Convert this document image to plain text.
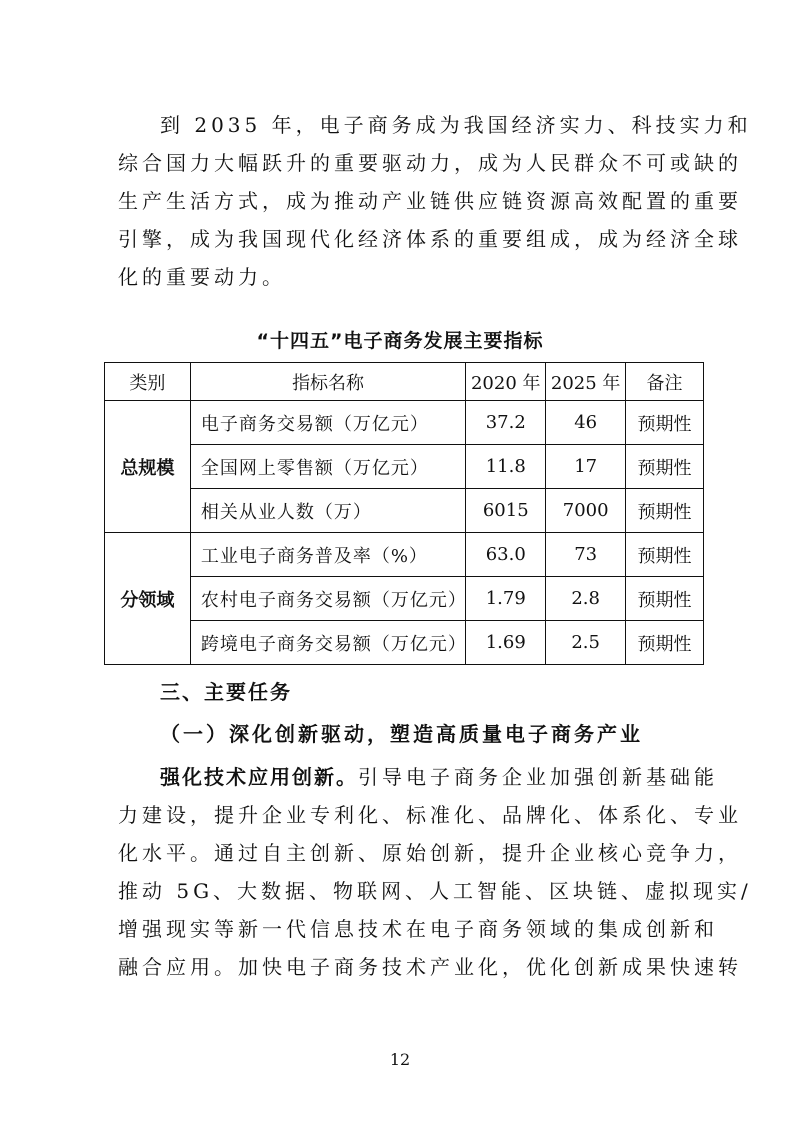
到 2035 年，电子商务成为我国经济实力、科技实力和
综合国力大幅跃升的重要驱动力，成为人民群众不可或缺的
生产生活方式，成为推动产业链供应链资源高效配置的重要
引擎，成为我国现代化经济体系的重要组成，成为经济全球
化的重要动力。
“十四五”电子商务发展主要指标
类别	指标名称	2020 年	2025 年	备注
总规模	电子商务交易额（万亿元）	37.2	46	预期性
	全国网上零售额（万亿元）	11.8	17	预期性
	相关从业人数（万）	6015	7000	预期性
分领域	工业电子商务普及率（%）	63.0	73	预期性
	农村电子商务交易额（万亿元）	1.79	2.8	预期性
	跨境电子商务交易额（万亿元）	1.69	2.5	预期性
三、主要任务
（一）深化创新驱动，塑造高质量电子商务产业
强化技术应用创新。引导电子商务企业加强创新基础能
力建设，提升企业专利化、标准化、品牌化、体系化、专业
化水平。通过自主创新、原始创新，提升企业核心竞争力，
推动 5G、大数据、物联网、人工智能、区块链、虚拟现实/
增强现实等新一代信息技术在电子商务领域的集成创新和
融合应用。加快电子商务技术产业化，优化创新成果快速转
12
